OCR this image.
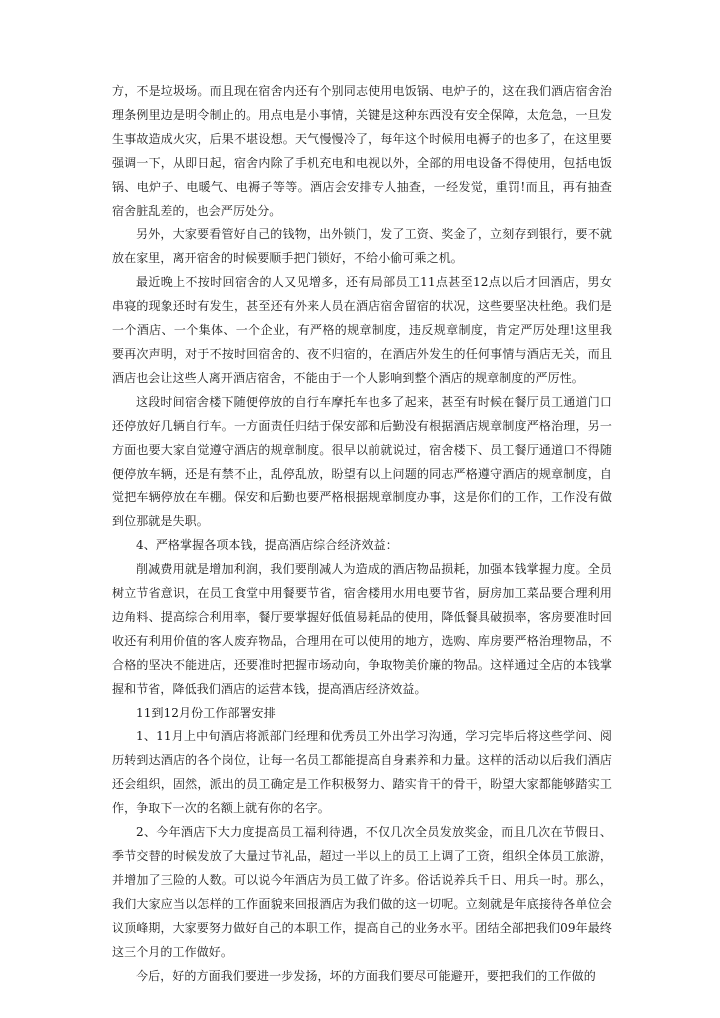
方，不是垃圾场。而且现在宿舍内还有个别同志使用电饭锅、电炉子的，这在我们酒店宿舍治理条例里边是明令制止的。用点电是小事情，关键是这种东西没有安全保障，太危急，一旦发生事故造成火灾，后果不堪设想。天气慢慢冷了，每年这个时候用电褥子的也多了，在这里要强调一下，从即日起，宿舍内除了手机充电和电视以外，全部的用电设备不得使用，包括电饭锅、电炉子、电暖气、电褥子等等。酒店会安排专人抽查，一经发觉，重罚!而且，再有抽查宿舍脏乱差的，也会严厉处分。

另外，大家要看管好自己的钱物，出外锁门，发了工资、奖金了，立刻存到银行，要不就放在家里，离开宿舍的时候要顺手把门锁好，不给小偷可乘之机。

最近晚上不按时回宿舍的人又见增多，还有局部员工11点甚至12点以后才回酒店，男女串寝的现象还时有发生，甚至还有外来人员在酒店宿舍留宿的状况，这些要坚决杜绝。我们是一个酒店、一个集体、一个企业，有严格的规章制度，违反规章制度，肯定严厉处理!这里我要再次声明，对于不按时回宿舍的、夜不归宿的，在酒店外发生的任何事情与酒店无关，而且酒店也会让这些人离开酒店宿舍，不能由于一个人影响到整个酒店的规章制度的严厉性。

这段时间宿舍楼下随便停放的自行车摩托车也多了起来，甚至有时候在餐厅员工通道门口还停放好几辆自行车。一方面责任归结于保安部和后勤没有根据酒店规章制度严格治理，另一方面也要大家自觉遵守酒店的规章制度。很早以前就说过，宿舍楼下、员工餐厅通道口不得随便停放车辆，还是有禁不止，乱停乱放，盼望有以上问题的同志严格遵守酒店的规章制度，自觉把车辆停放在车棚。保安和后勤也要严格根据规章制度办事，这是你们的工作，工作没有做到位那就是失职。

4、严格掌握各项本钱，提高酒店综合经济效益：

削减费用就是增加利润，我们要削减人为造成的酒店物品损耗，加强本钱掌握力度。全员树立节省意识，在员工食堂中用餐要节省，宿舍楼用水用电要节省，厨房加工菜品要合理利用边角料、提高综合利用率，餐厅要掌握好低值易耗品的使用，降低餐具破损率，客房要准时回收还有利用价值的客人废弃物品，合理用在可以使用的地方，选购、库房要严格治理物品，不合格的坚决不能进店，还要准时把握市场动向，争取物美价廉的物品。这样通过全店的本钱掌握和节省，降低我们酒店的运营本钱，提高酒店经济效益。

11到12月份工作部署安排

1、11月上中旬酒店将派部门经理和优秀员工外出学习沟通，学习完毕后将这些学问、阅历转到达酒店的各个岗位，让每一名员工都能提高自身素养和力量。这样的活动以后我们酒店还会组织，固然，派出的员工确定是工作积极努力、踏实肯干的骨干，盼望大家都能够踏实工作，争取下一次的名额上就有你的名字。

2、今年酒店下大力度提高员工福利待遇，不仅几次全员发放奖金，而且几次在节假日、季节交替的时候发放了大量过节礼品，超过一半以上的员工上调了工资，组织全体员工旅游，并增加了三险的人数。可以说今年酒店为员工做了许多。俗话说养兵千日、用兵一时。那么，我们大家应当以怎样的工作面貌来回报酒店为我们做的这一切呢。立刻就是年底接待各单位会议顶峰期，大家要努力做好自己的本职工作，提高自己的业务水平。团结全部把我们09年最终这三个月的工作做好。

今后，好的方面我们要进一步发扬，坏的方面我们要尽可能避开，要把我们的工作做的
